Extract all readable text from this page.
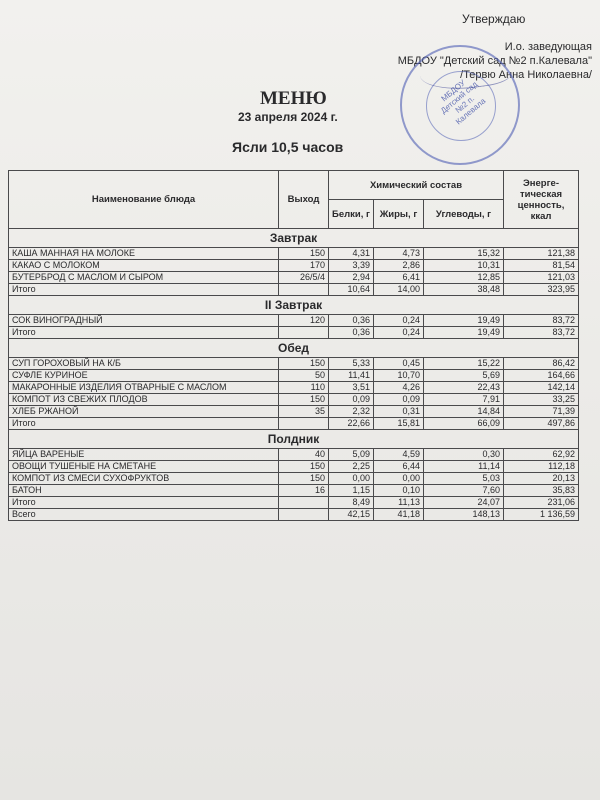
Утверждаю
И.о. заведующая
МБДОУ "Детский сад №2 п.Калевала"
/Тервю Анна Николаевна/
МБДОУ Детский сад №2 п. Калевала
МЕНЮ
23 апреля 2024 г.
Ясли 10,5 часов
Наименование блюда	Выход	Химический состав			Энерге-тическая ценность, ккал
		Белки, г	Жиры, г	Углеводы, г	
Завтрак					
КАША МАННАЯ НА МОЛОКЕ	150	4,31	4,73	15,32	121,38
КАКАО С МОЛОКОМ	170	3,39	2,86	10,31	81,54
БУТЕРБРОД С МАСЛОМ И СЫРОМ	26/5/4	2,94	6,41	12,85	121,03
Итого		10,64	14,00	38,48	323,95
II Завтрак					
СОК ВИНОГРАДНЫЙ	120	0,36	0,24	19,49	83,72
Итого		0,36	0,24	19,49	83,72
Обед					
СУП ГОРОХОВЫЙ НА К/Б	150	5,33	0,45	15,22	86,42
СУФЛЕ КУРИНОЕ	50	11,41	10,70	5,69	164,66
МАКАРОННЫЕ ИЗДЕЛИЯ ОТВАРНЫЕ С МАСЛОМ	110	3,51	4,26	22,43	142,14
КОМПОТ ИЗ СВЕЖИХ ПЛОДОВ	150	0,09	0,09	7,91	33,25
ХЛЕБ РЖАНОЙ	35	2,32	0,31	14,84	71,39
Итого		22,66	15,81	66,09	497,86
Полдник					
ЯЙЦА ВАРЕНЫЕ	40	5,09	4,59	0,30	62,92
ОВОЩИ ТУШЕНЫЕ НА СМЕТАНЕ	150	2,25	6,44	11,14	112,18
КОМПОТ ИЗ СМЕСИ СУХОФРУКТОВ	150	0,00	0,00	5,03	20,13
БАТОН	16	1,15	0,10	7,60	35,83
Итого		8,49	11,13	24,07	231,06
Всего		42,15	41,18	148,13	1 136,59
